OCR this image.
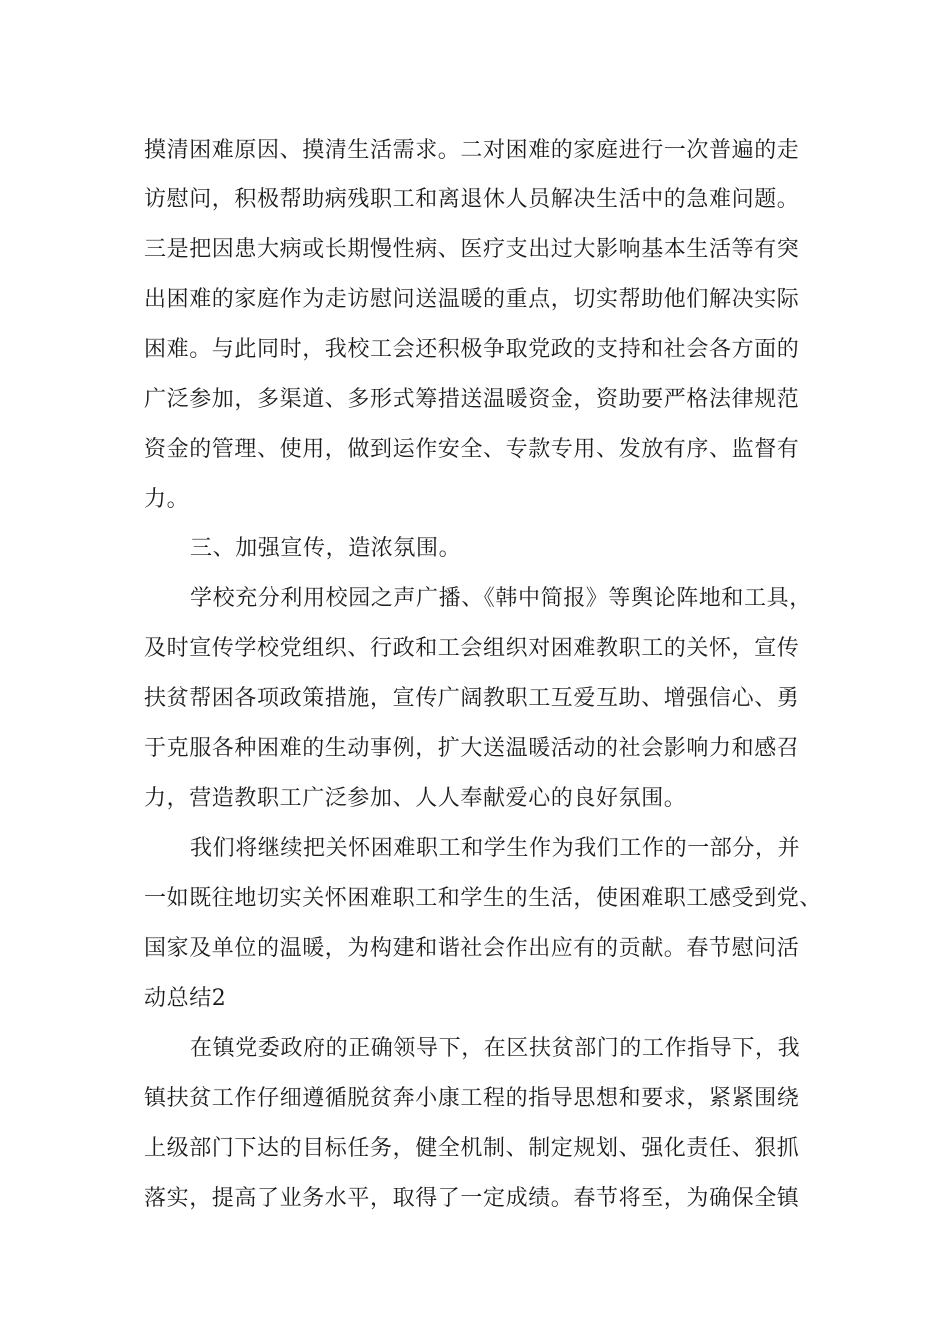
摸清困难原因、摸清生活需求。二对困难的家庭进行一次普遍的走
访慰问，积极帮助病残职工和离退休人员解决生活中的急难问题。
三是把因患大病或长期慢性病、医疗支出过大影响基本生活等有突
出困难的家庭作为走访慰问送温暖的重点，切实帮助他们解决实际
困难。与此同时，我校工会还积极争取党政的支持和社会各方面的
广泛参加，多渠道、多形式筹措送温暖资金，资助要严格法律规范
资金的管理、使用，做到运作安全、专款专用、发放有序、监督有
力。
三、加强宣传，造浓氛围。
学校充分利用校园之声广播、《韩中简报》等舆论阵地和工具，
及时宣传学校党组织、行政和工会组织对困难教职工的关怀，宣传
扶贫帮困各项政策措施，宣传广阔教职工互爱互助、增强信心、勇
于克服各种困难的生动事例，扩大送温暖活动的社会影响力和感召
力，营造教职工广泛参加、人人奉献爱心的良好氛围。
我们将继续把关怀困难职工和学生作为我们工作的一部分，并
一如既往地切实关怀困难职工和学生的生活，使困难职工感受到党、
国家及单位的温暖，为构建和谐社会作出应有的贡献。春节慰问活
动总结2
在镇党委政府的正确领导下，在区扶贫部门的工作指导下，我
镇扶贫工作仔细遵循脱贫奔小康工程的指导思想和要求，紧紧围绕
上级部门下达的目标任务，健全机制、制定规划、强化责任、狠抓
落实，提高了业务水平，取得了一定成绩。春节将至，为确保全镇
